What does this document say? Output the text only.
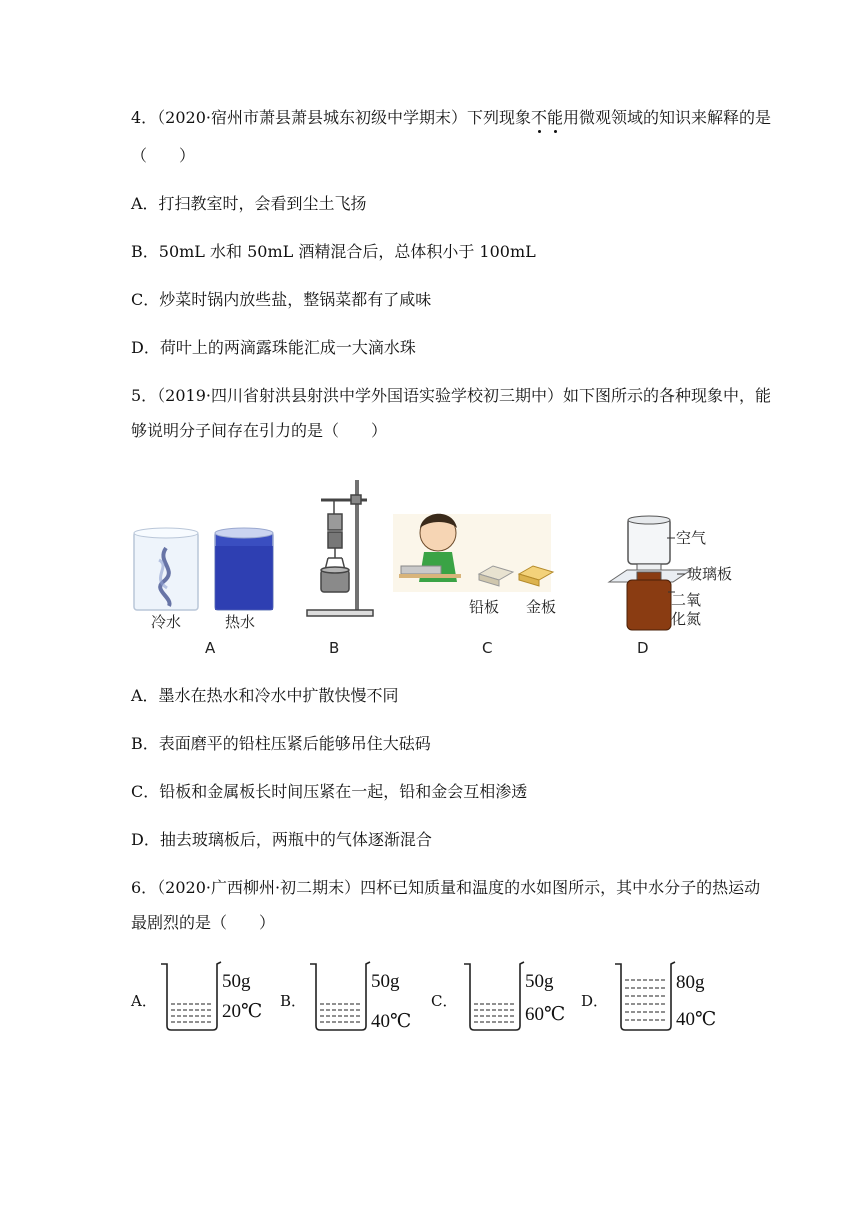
4．（2020·宿州市萧县萧县城东初级中学期末）下列现象不能用微观领域的知识来解释的是
（　　）
A．打扫教室时，会看到尘土飞扬
B．50mL 水和 50mL 酒精混合后，总体积小于 100mL
C．炒菜时锅内放些盐，整锅菜都有了咸味
D．荷叶上的两滴露珠能汇成一大滴水珠
5．（2019·四川省射洪县射洪中学外国语实验学校初三期中）如下图所示的各种现象中，能
够说明分子间存在引力的是（　　）
冷水	热水
A	B
铅板 金板
C
空气
玻璃板
二氧
化氮
D
A．墨水在热水和冷水中扩散快慢不同
B．表面磨平的铅柱压紧后能够吊住大砝码
C．铅板和金属板长时间压紧在一起，铅和金会互相渗透
D．抽去玻璃板后，两瓶中的气体逐渐混合
6．（2020·广西柳州·初二期末）四杯已知质量和温度的水如图所示，其中水分子的热运动
最剧烈的是（　　）
A．
50g
20℃ B．
50g
40℃
C．
50g
60℃
D．
80g
40℃
